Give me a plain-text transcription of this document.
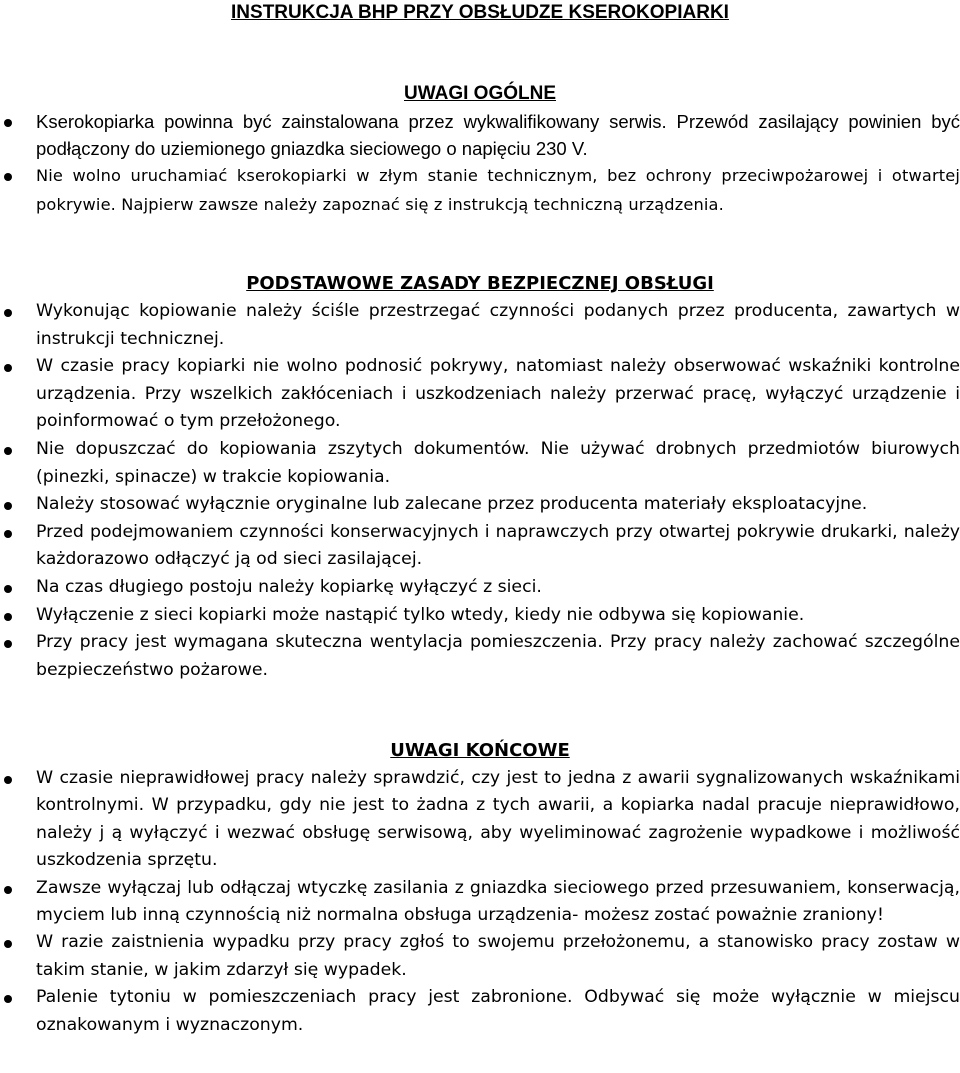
INSTRUKCJA BHP PRZY OBSŁUDZE KSEROKOPIARKI
UWAGI OGÓLNE
Kserokopiarka powinna być zainstalowana przez wykwalifikowany serwis. Przewód zasilający powinien być podłączony do uziemionego gniazdka sieciowego o napięciu 230 V.
Nie wolno uruchamiać kserokopiarki w złym stanie technicznym, bez ochrony przeciwpożarowej i otwartej pokrywie. Najpierw zawsze należy zapoznać się z instrukcją techniczną urządzenia.
PODSTAWOWE ZASADY BEZPIECZNEJ OBSŁUGI
Wykonując kopiowanie należy ściśle przestrzegać czynności podanych przez producenta, zawartych w instrukcji technicznej.
W czasie pracy kopiarki nie wolno podnosić pokrywy, natomiast należy obserwować wskaźniki kontrolne urządzenia. Przy wszelkich zakłóceniach i uszkodzeniach należy przerwać pracę, wyłączyć urządzenie i poinformować o tym przełożonego.
Nie dopuszczać do kopiowania zszytych dokumentów. Nie używać drobnych przedmiotów biurowych (pinezki, spinacze) w trakcie kopiowania.
Należy stosować wyłącznie oryginalne lub zalecane przez producenta materiały eksploatacyjne.
Przed podejmowaniem czynności konserwacyjnych i naprawczych przy otwartej pokrywie drukarki, należy każdorazowo odłączyć ją od sieci zasilającej.
Na czas długiego postoju należy kopiarkę wyłączyć z sieci.
Wyłączenie z sieci kopiarki może nastąpić tylko wtedy, kiedy nie odbywa się kopiowanie.
Przy pracy jest wymagana skuteczna wentylacja pomieszczenia. Przy pracy należy zachować szczególne bezpieczeństwo pożarowe.
UWAGI KOŃCOWE
W czasie nieprawidłowej pracy należy sprawdzić, czy jest to jedna z awarii sygnalizowanych wskaźnikami kontrolnymi. W przypadku, gdy nie jest to żadna z tych awarii, a kopiarka nadal pracuje nieprawidłowo, należy j ą wyłączyć i wezwać obsługę serwisową, aby wyeliminować zagrożenie wypadkowe i możliwość uszkodzenia sprzętu.
Zawsze wyłączaj lub odłączaj wtyczkę zasilania z gniazdka sieciowego przed przesuwaniem, konserwacją, myciem lub inną czynnością niż normalna obsługa urządzenia- możesz zostać poważnie zraniony!
W razie zaistnienia wypadku przy pracy zgłoś to swojemu przełożonemu, a stanowisko pracy zostaw w takim stanie, w jakim zdarzył się wypadek.
Palenie tytoniu w pomieszczeniach pracy jest zabronione. Odbywać się może wyłącznie w miejscu oznakowanym i wyznaczonym.
